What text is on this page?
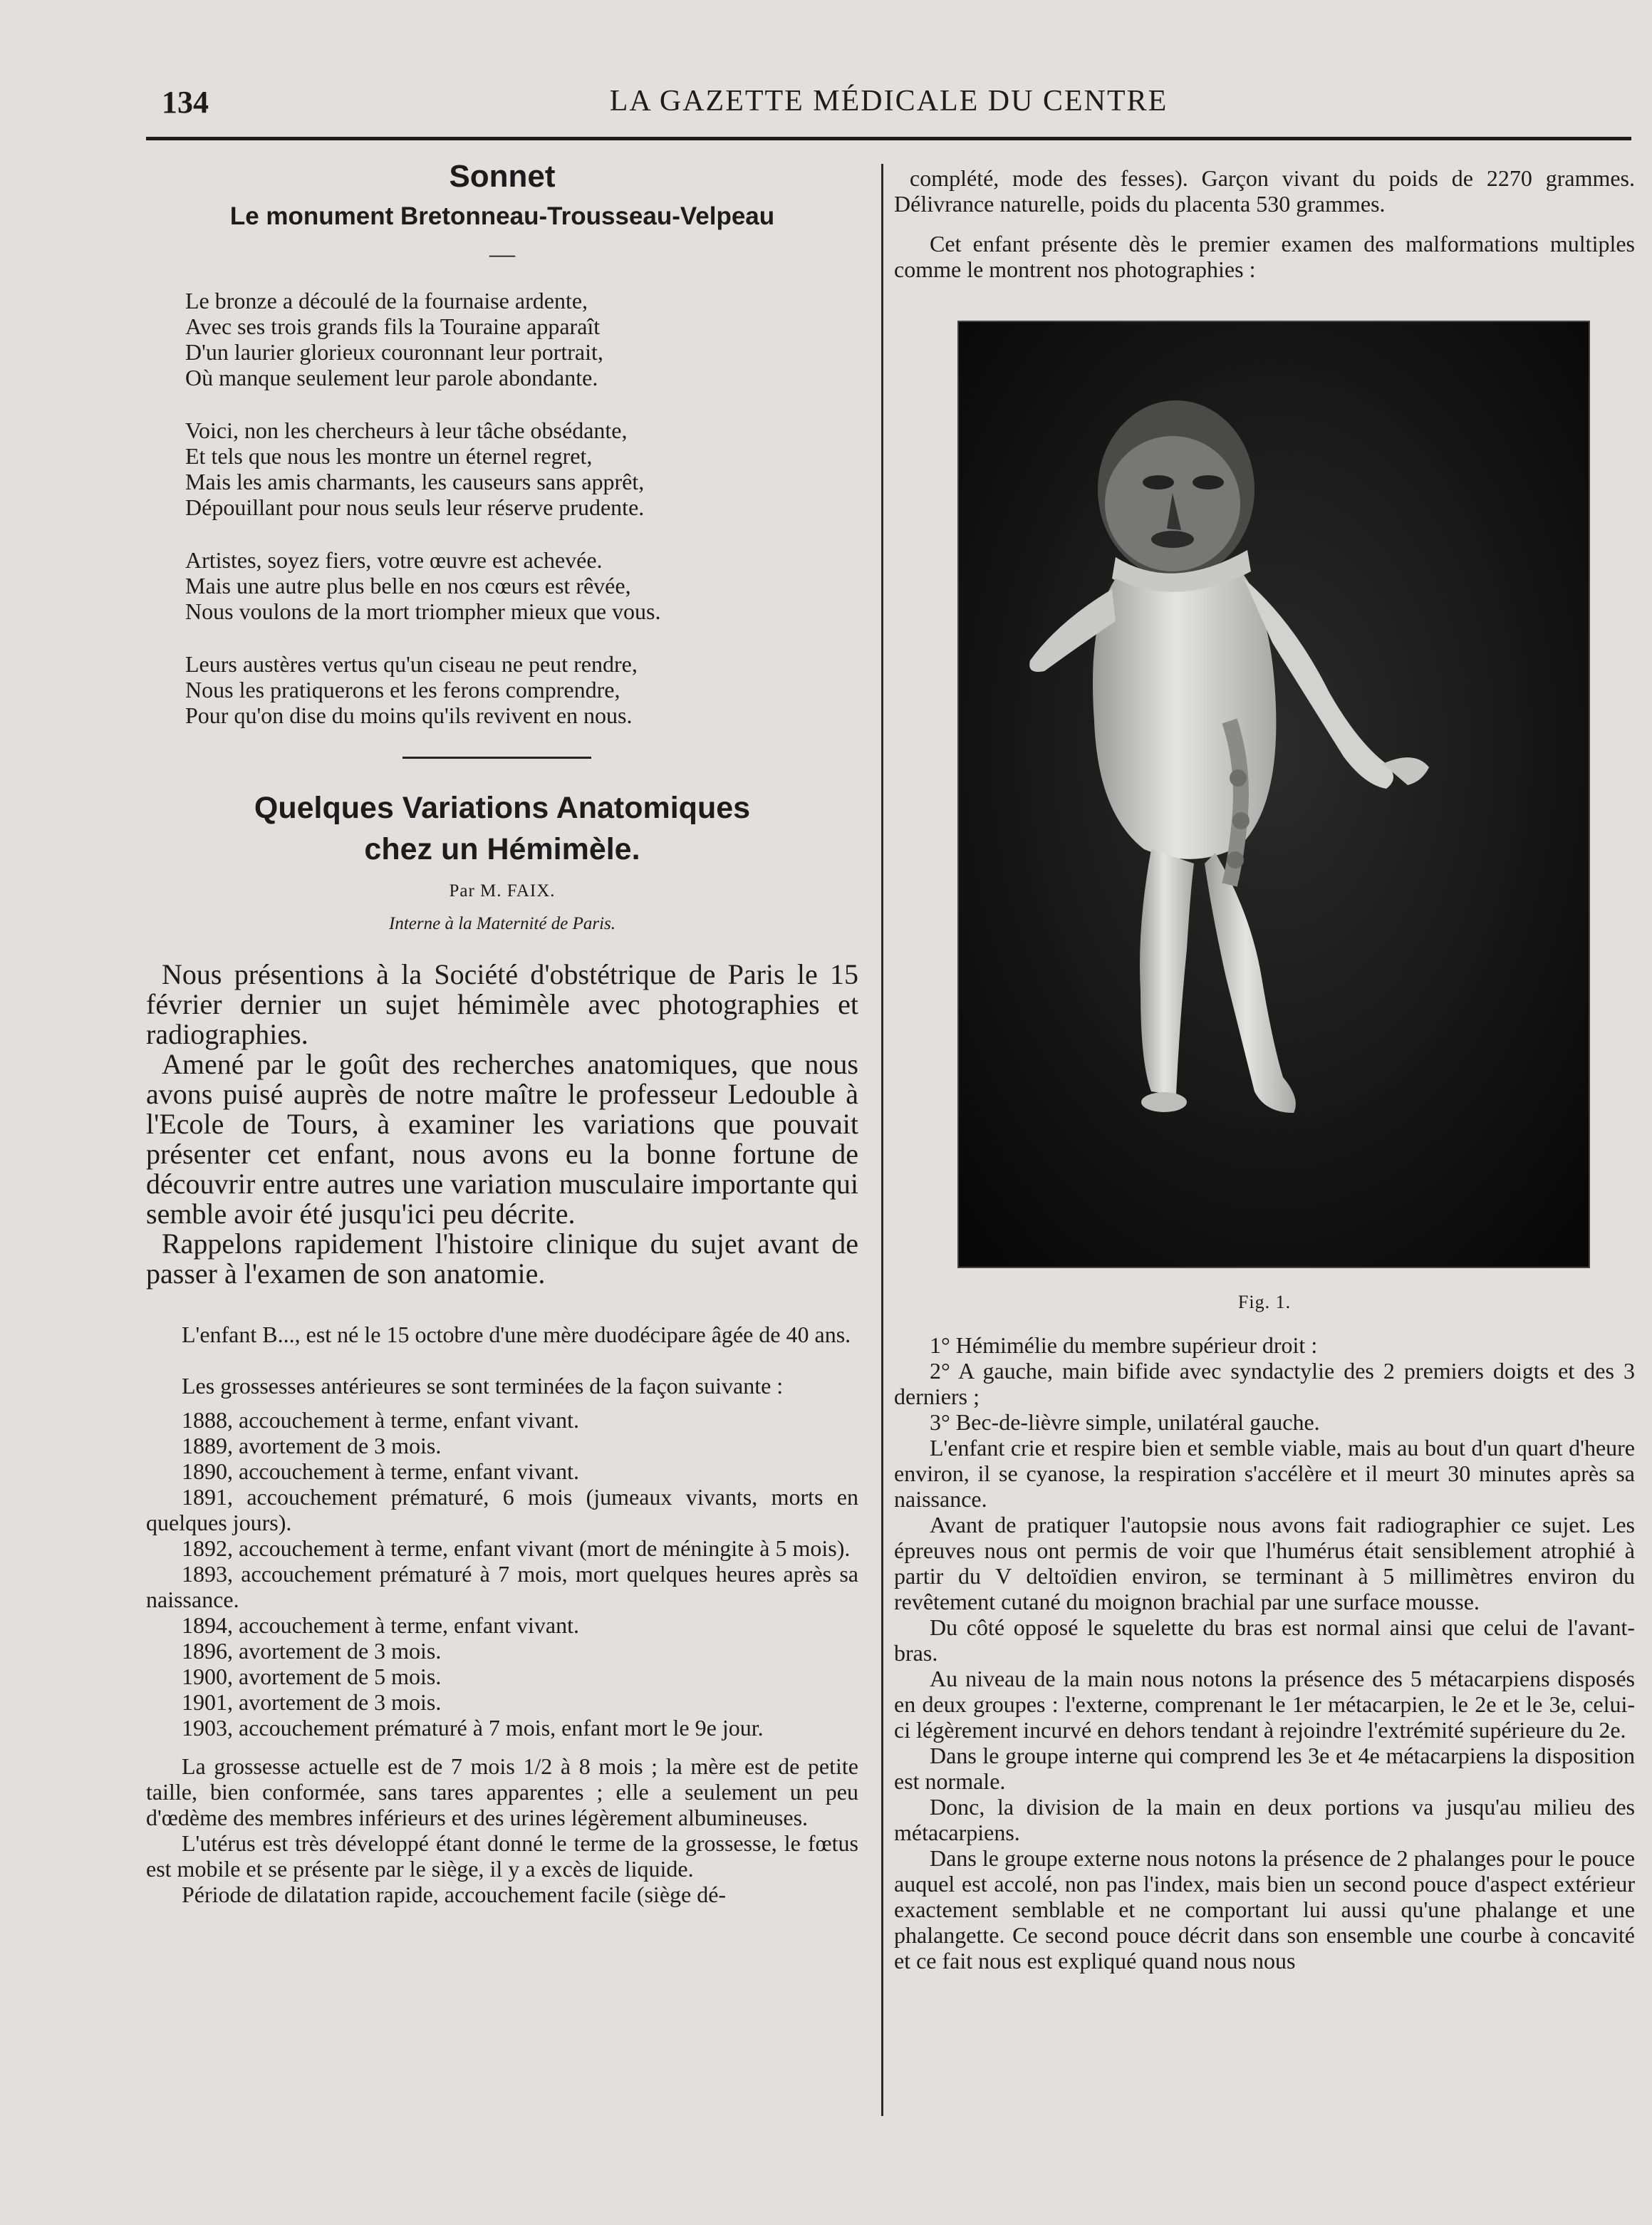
134	LA GAZETTE MÉDICALE DU CENTRE
Sonnet
Le monument Bretonneau-Trousseau-Velpeau
—
Le bronze a découlé de la fournaise ardente,
Avec ses trois grands fils la Touraine apparaît
D'un laurier glorieux couronnant leur portrait,
Où manque seulement leur parole abondante.
Voici, non les chercheurs à leur tâche obsédante,
Et tels que nous les montre un éternel regret,
Mais les amis charmants, les causeurs sans apprêt,
Dépouillant pour nous seuls leur réserve prudente.
Artistes, soyez fiers, votre œuvre est achevée.
Mais une autre plus belle en nos cœurs est rêvée,
Nous voulons de la mort triompher mieux que vous.
Leurs austères vertus qu'un ciseau ne peut rendre,
Nous les pratiquerons et les ferons comprendre,
Pour qu'on dise du moins qu'ils revivent en nous.
Quelques Variations Anatomiques
chez un Hémimèle.
Par M. FAIX.
Interne à la Maternité de Paris.

Nous présentions à la Société d'obstétrique de Paris le 15 février dernier un sujet hémimèle avec photographies et radiographies.

Amené par le goût des recherches anatomiques, que nous avons puisé auprès de notre maître le professeur Ledouble à l'Ecole de Tours, à examiner les variations que pouvait présenter cet enfant, nous avons eu la bonne fortune de découvrir entre autres une variation musculaire importante qui semble avoir été jusqu'ici peu décrite.

Rappelons rapidement l'histoire clinique du sujet avant de passer à l'examen de son anatomie.

L'enfant B..., est né le 15 octobre d'une mère duodécipare âgée de 40 ans.

Les grossesses antérieures se sont terminées de la façon suivante :

1888, accouchement à terme, enfant vivant.

1889, avortement de 3 mois.

1890, accouchement à terme, enfant vivant.

1891, accouchement prématuré, 6 mois (jumeaux vivants, morts en quelques jours).

1892, accouchement à terme, enfant vivant (mort de méningite à 5 mois).

1893, accouchement prématuré à 7 mois, mort quelques heures après sa naissance.

1894, accouchement à terme, enfant vivant.

1896, avortement de 3 mois.

1900, avortement de 5 mois.

1901, avortement de 3 mois.

1903, accouchement prématuré à 7 mois, enfant mort le 9e jour.

La grossesse actuelle est de 7 mois 1/2 à 8 mois ; la mère est de petite taille, bien conformée, sans tares apparentes ; elle a seulement un peu d'œdème des membres inférieurs et des urines légèrement albumineuses.

L'utérus est très développé étant donné le terme de la grossesse, le fœtus est mobile et se présente par le siège, il y a excès de liquide.

Période de dilatation rapide, accouchement facile (siège dé-

complété, mode des fesses). Garçon vivant du poids de 2270 grammes. Délivrance naturelle, poids du placenta 530 grammes.

Cet enfant présente dès le premier examen des malformations multiples comme le montrent nos photographies :

Fig. 1.

1° Hémimélie du membre supérieur droit :

2° A gauche, main bifide avec syndactylie des 2 premiers doigts et des 3 derniers ;

3° Bec-de-lièvre simple, unilatéral gauche.

L'enfant crie et respire bien et semble viable, mais au bout d'un quart d'heure environ, il se cyanose, la respiration s'accélère et il meurt 30 minutes après sa naissance.

Avant de pratiquer l'autopsie nous avons fait radiographier ce sujet. Les épreuves nous ont permis de voir que l'humérus était sensiblement atrophié à partir du V deltoïdien environ, se terminant à 5 millimètres environ du revêtement cutané du moignon brachial par une surface mousse.

Du côté opposé le squelette du bras est normal ainsi que celui de l'avant-bras.

Au niveau de la main nous notons la présence des 5 métacarpiens disposés en deux groupes : l'externe, comprenant le 1er métacarpien, le 2e et le 3e, celui-ci légèrement incurvé en dehors tendant à rejoindre l'extrémité supérieure du 2e.

Dans le groupe interne qui comprend les 3e et 4e métacarpiens la disposition est normale.

Donc, la division de la main en deux portions va jusqu'au milieu des métacarpiens.

Dans le groupe externe nous notons la présence de 2 phalanges pour le pouce auquel est accolé, non pas l'index, mais bien un second pouce d'aspect extérieur exactement semblable et ne comportant lui aussi qu'une phalange et une phalangette. Ce second pouce décrit dans son ensemble une courbe à concavité et ce fait nous est expliqué quand nous nous
